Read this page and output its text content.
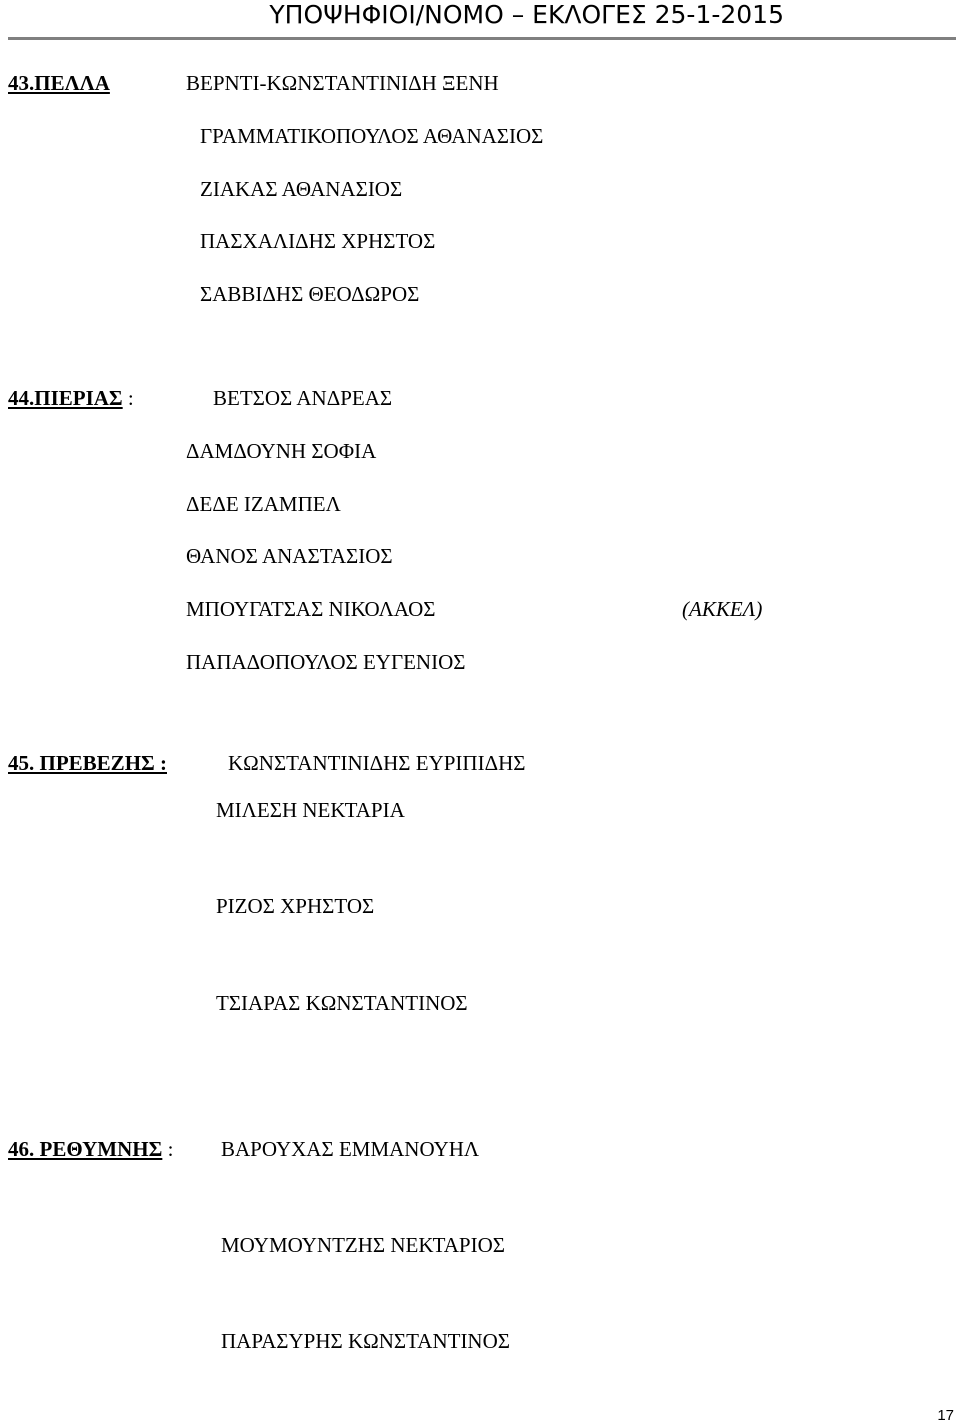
ΥΠΟΨΗΦΙΟΙ/ΝΟΜΟ – ΕΚΛΟΓΕΣ 25-1-2015
43.ΠΕΛΛΑ	ΒΕΡΝΤΙ-ΚΩΝΣΤΑΝΤΙΝΙΔΗ ΞΕΝΗ
ΓΡΑΜΜΑΤΙΚΟΠΟΥΛΟΣ ΑΘΑΝΑΣΙΟΣ
ΖΙΑΚΑΣ ΑΘΑΝΑΣΙΟΣ
ΠΑΣΧΑΛΙΔΗΣ ΧΡΗΣΤΟΣ
ΣΑΒΒΙΔΗΣ ΘΕΟΔΩΡΟΣ
44.ΠΙΕΡΙΑΣ :	ΒΕΤΣΟΣ ΑΝΔΡΕΑΣ
ΔΑΜΔΟΥΝΗ ΣΟΦΙΑ
ΔΕΔΕ ΙΖΑΜΠΕΛ
ΘΑΝΟΣ ΑΝΑΣΤΑΣΙΟΣ
ΜΠΟΥΓΑΤΣΑΣ ΝΙΚΟΛΑΟΣ	(ΑΚΚΕΛ)
ΠΑΠΑΔΟΠΟΥΛΟΣ ΕΥΓΕΝΙΟΣ
45. ΠΡΕΒΕΖΗΣ :	ΚΩΝΣΤΑΝΤΙΝΙΔΗΣ ΕΥΡΙΠΙΔΗΣ
ΜΙΛΕΣΗ ΝΕΚΤΑΡΙΑ
ΡΙΖΟΣ ΧΡΗΣΤΟΣ
ΤΣΙΑΡΑΣ ΚΩΝΣΤΑΝΤΙΝΟΣ
46. ΡΕΘΥΜΝΗΣ : ΒΑΡΟΥΧΑΣ ΕΜΜΑΝΟΥΗΛ
ΜΟΥΜΟΥΝΤΖΗΣ ΝΕΚΤΑΡΙΟΣ
ΠΑΡΑΣΥΡΗΣ ΚΩΝΣΤΑΝΤΙΝΟΣ
17
